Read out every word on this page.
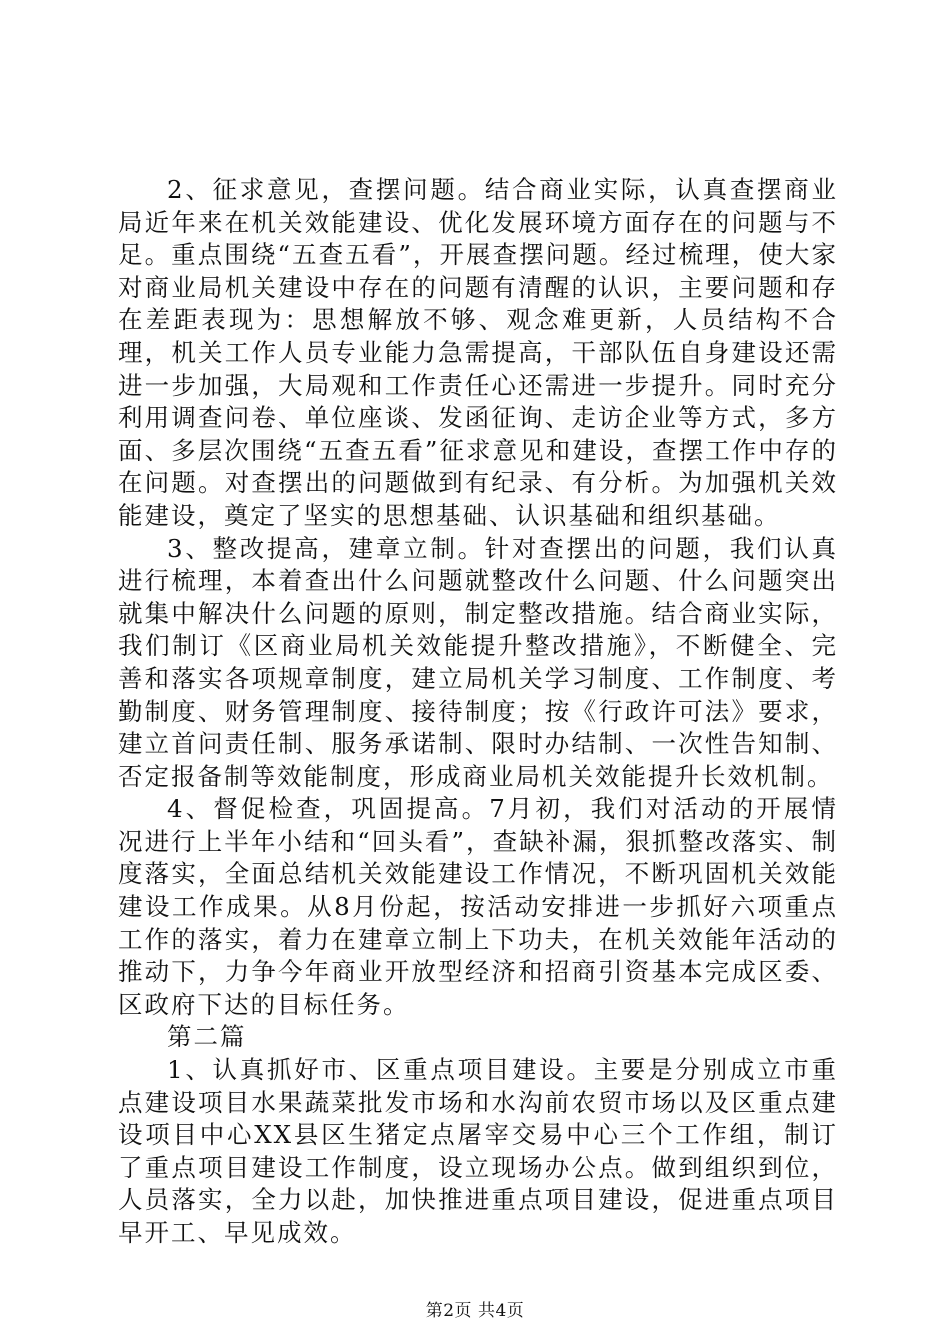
2、征求意见，查摆问题。结合商业实际，认真查摆商业局近年来在机关效能建设、优化发展环境方面存在的问题与不足。重点围绕“五查五看”，开展查摆问题。经过梳理，使大家对商业局机关建设中存在的问题有清醒的认识，主要问题和存在差距表现为：思想解放不够、观念难更新，人员结构不合理，机关工作人员专业能力急需提高，干部队伍自身建设还需进一步加强，大局观和工作责任心还需进一步提升。同时充分利用调查问卷、单位座谈、发函征询、走访企业等方式，多方面、多层次围绕“五查五看”征求意见和建设，查摆工作中存的在问题。对查摆出的问题做到有纪录、有分析。为加强机关效能建设，奠定了坚实的思想基础、认识基础和组织基础。

3、整改提高，建章立制。针对查摆出的问题，我们认真进行梳理，本着查出什么问题就整改什么问题、什么问题突出就集中解决什么问题的原则，制定整改措施。结合商业实际，我们制订《区商业局机关效能提升整改措施》，不断健全、完善和落实各项规章制度，建立局机关学习制度、工作制度、考勤制度、财务管理制度、接待制度；按《行政许可法》要求，建立首问责任制、服务承诺制、限时办结制、一次性告知制、否定报备制等效能制度，形成商业局机关效能提升长效机制。

4、督促检查，巩固提高。7月初，我们对活动的开展情况进行上半年小结和“回头看”，查缺补漏，狠抓整改落实、制度落实，全面总结机关效能建设工作情况，不断巩固机关效能建设工作成果。从8月份起，按活动安排进一步抓好六项重点工作的落实，着力在建章立制上下功夫，在机关效能年活动的推动下，力争今年商业开放型经济和招商引资基本完成区委、区政府下达的目标任务。

第二篇

1、认真抓好市、区重点项目建设。主要是分别成立市重点建设项目水果蔬菜批发市场和水沟前农贸市场以及区重点建设项目中心XX县区生猪定点屠宰交易中心三个工作组，制订了重点项目建设工作制度，设立现场办公点。做到组织到位，人员落实，全力以赴，加快推进重点项目建设，促进重点项目早开工、早见成效。

第2页 共4页
